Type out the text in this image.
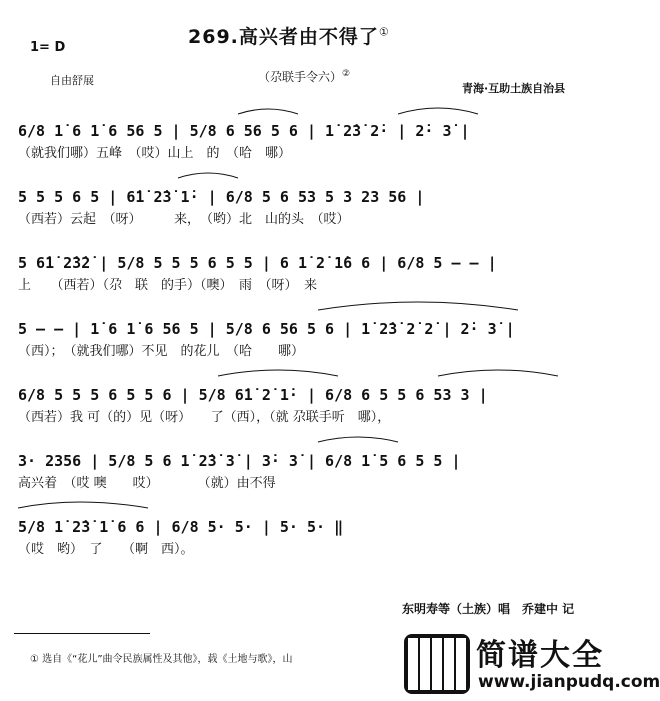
269.高兴者由不得了①
1= D
自由舒展	（尕联手令六）②
青海·互助土族自治县
6/8 1̇ 6 1̇ 6 56 5 | 5/8 6 56 5 6 | 1̇ 2̇3̇ 2̇· | 2̇· 3̇ |
（就我们哪）五峰　（哎）山上　的　（哈　哪）
5 5 5 6 5 | 6̇1̇ 2̇3̇ 1̇· | 6/8 5 6 53 5 3 23 56 |
（西若）云起　（呀）　　　来，　（哟）北　山的头　（哎）
5 6̇1̇ 2̇3̇2̇ | 5/8 5 5 5 6 5 5 | 6 1̇ 2̇ 1̇6 6 | 6/8 5 — — |
上　　（西若）（尕　联　的手）（噢）　雨　（呀）　来
5 — — | 1̇ 6 1̇ 6 56 5 | 5/8 6 56 5 6 | 1̇ 2̇3̇ 2̇ 2̇ | 2̇· 3̇ |
（西）；　（就我们哪）不见　的花儿　（哈　　哪）
6/8 5 5 5 6 5 5 6 | 5/8 6̇1̇ 2̇ 1̇· | 6/8 6 5 5 6 53 3 |
（西若）我 可（的）见（呀）　　了（西），（就 尕联手听　哪），
3· 2356 | 5/8 5 6 1̇ 2̇3̇ 3̇ | 3̇· 3̇ | 6/8 1̇ 5 6 5 5 |
高兴着　（哎 噢　　哎）　　　　（就）由不得
5/8 1̇ 2̇3̇ 1̇ 6 6 | 6/8 5· 5· | 5· 5· ‖
（哎　哟）　了　　（啊　西）。
东明寿等（土族）唱　乔建中 记
① 选自《“花儿”曲令民族属性及其他》，载《土地与歌》，山	简谱大全
www.jianpudq.com
